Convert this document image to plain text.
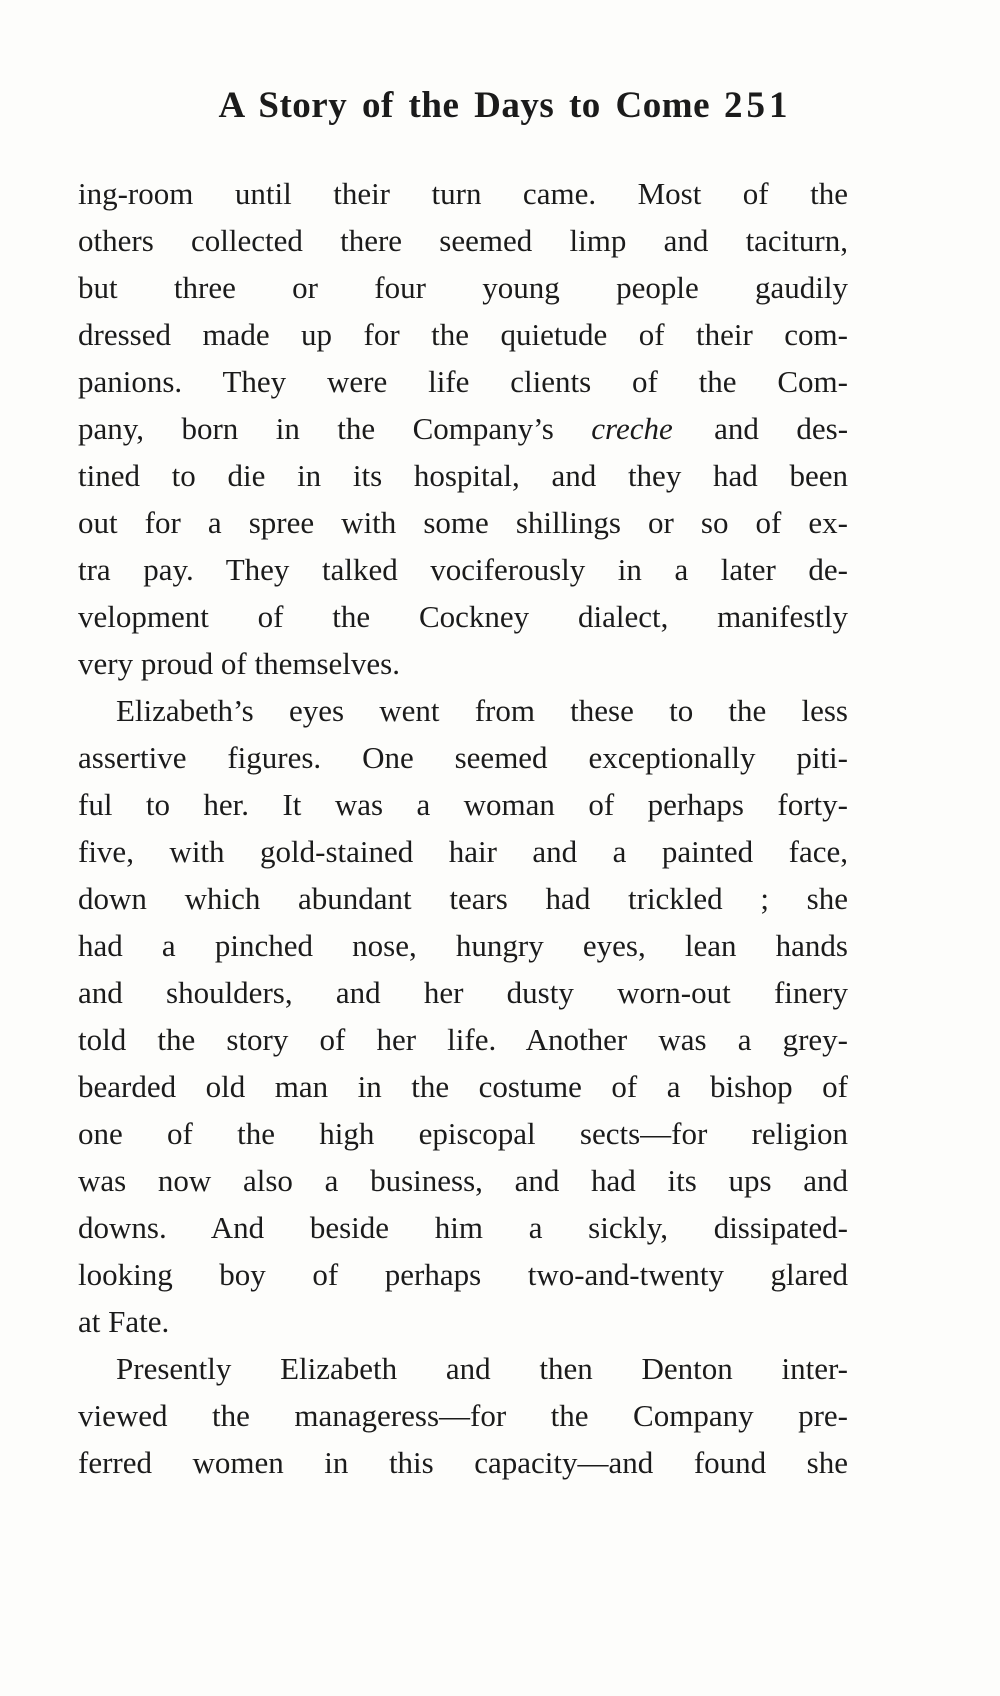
A Story of the Days to Come 251
ing-room until their turn came. Most of the
others collected there seemed limp and taciturn,
but three or four young people gaudily
dressed made up for the quietude of their com-
panions. They were life clients of the Com-
pany, born in the Company’s creche and des-
tined to die in its hospital, and they had been
out for a spree with some shillings or so of ex-
tra pay. They talked vociferously in a later de-
velopment of the Cockney dialect, manifestly
very proud of themselves.
Elizabeth’s eyes went from these to the less
assertive figures. One seemed exceptionally piti-
ful to her. It was a woman of perhaps forty-
five, with gold-stained hair and a painted face,
down which abundant tears had trickled ; she
had a pinched nose, hungry eyes, lean hands
and shoulders, and her dusty worn-out finery
told the story of her life. Another was a grey-
bearded old man in the costume of a bishop of
one of the high episcopal sects—for religion
was now also a business, and had its ups and
downs. And beside him a sickly, dissipated-
looking boy of perhaps two-and-twenty glared
at Fate.
Presently Elizabeth and then Denton inter-
viewed the manageress—for the Company pre-
ferred women in this capacity—and found she
